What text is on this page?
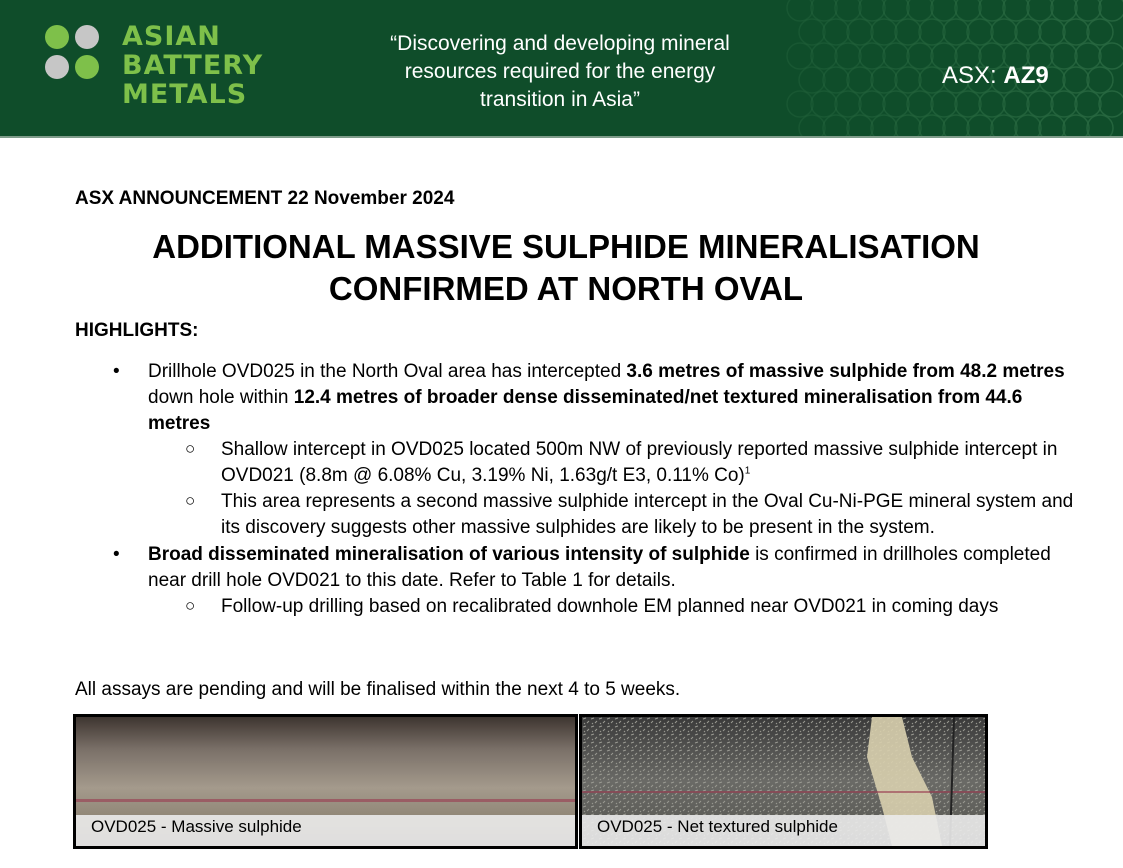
ASIAN
BATTERY
METALS
“Discovering and developing mineral
resources required for the energy
transition in Asia”
ASX: AZ9
ASX ANNOUNCEMENT 22 November 2024
ADDITIONAL MASSIVE SULPHIDE MINERALISATION
CONFIRMED AT NORTH OVAL
HIGHLIGHTS:
• Drillhole OVD025 in the North Oval area has intercepted 3.6 metres of massive sulphide from 48.2 metres down hole within 12.4 metres of broader dense disseminated/net textured mineralisation from 44.6 metres
○ Shallow intercept in OVD025 located 500m NW of previously reported massive sulphide intercept in OVD021 (8.8m @ 6.08% Cu, 3.19% Ni, 1.63g/t E3, 0.11% Co)$^1$
○ This area represents a second massive sulphide intercept in the Oval Cu-Ni-PGE mineral system and its discovery suggests other massive sulphides are likely to be present in the system.
• Broad disseminated mineralisation of various intensity of sulphide is confirmed in drillholes completed near drill hole OVD021 to this date. Refer to Table 1 for details.
○ Follow-up drilling based on recalibrated downhole EM planned near OVD021 in coming days
All assays are pending and will be finalised within the next 4 to 5 weeks.
OVD025 - Massive sulphide	OVD025 - Net textured sulphide
